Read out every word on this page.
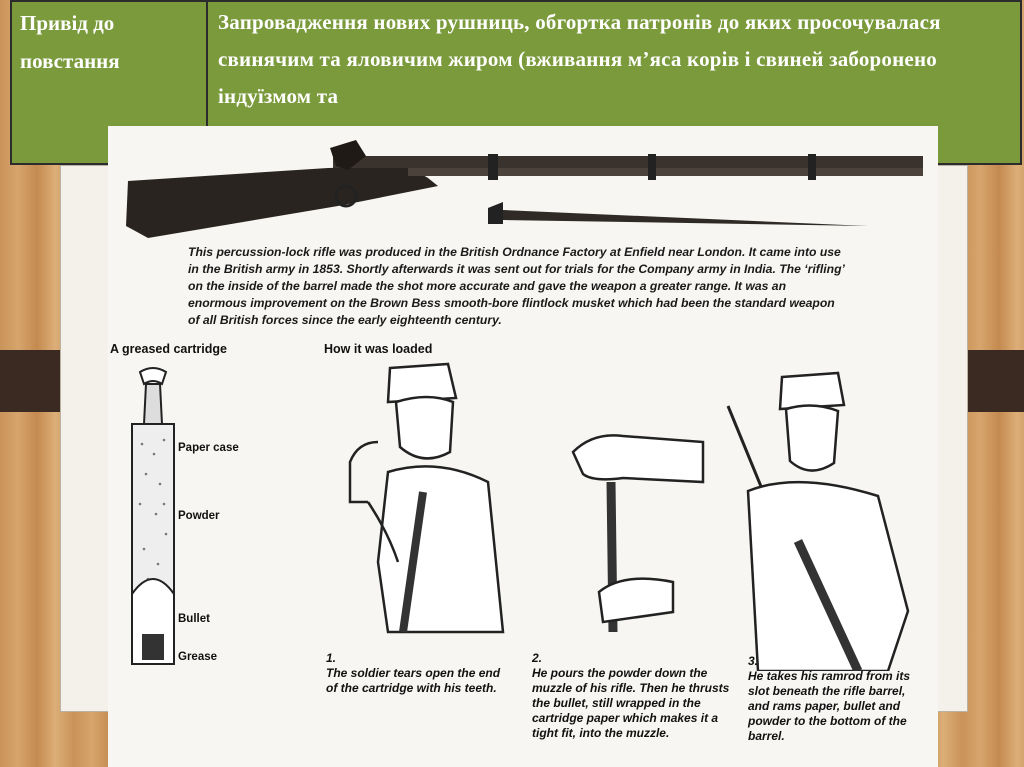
Привід до повстання
Запровадження нових рушниць, обгортка патронів до яких просочувалася свинячим та яловичим жиром (вживання м’яса корів і свиней заборонено індуїзмом та
This percussion-lock rifle was produced in the British Ordnance Factory at Enfield near London. It came into use in the British army in 1853. Shortly afterwards it was sent out for trials for the Company army in India. The ‘rifling’ on the inside of the barrel made the shot more accurate and gave the weapon a greater range. It was an enormous improvement on the Brown Bess smooth-bore flintlock musket which had been the standard weapon of all British forces since the early eighteenth century.
A greased cartridge	How it was loaded
Paper case
Powder
Bullet
Grease	1.
The soldier tears open the end of the cartridge with his teeth.
2.
He pours the powder down the muzzle of his rifle. Then he thrusts the bullet, still wrapped in the cartridge paper which makes it a tight fit, into the muzzle.
3.
He takes his ramrod from its slot beneath the rifle barrel, and rams paper, bullet and powder to the bottom of the barrel.
